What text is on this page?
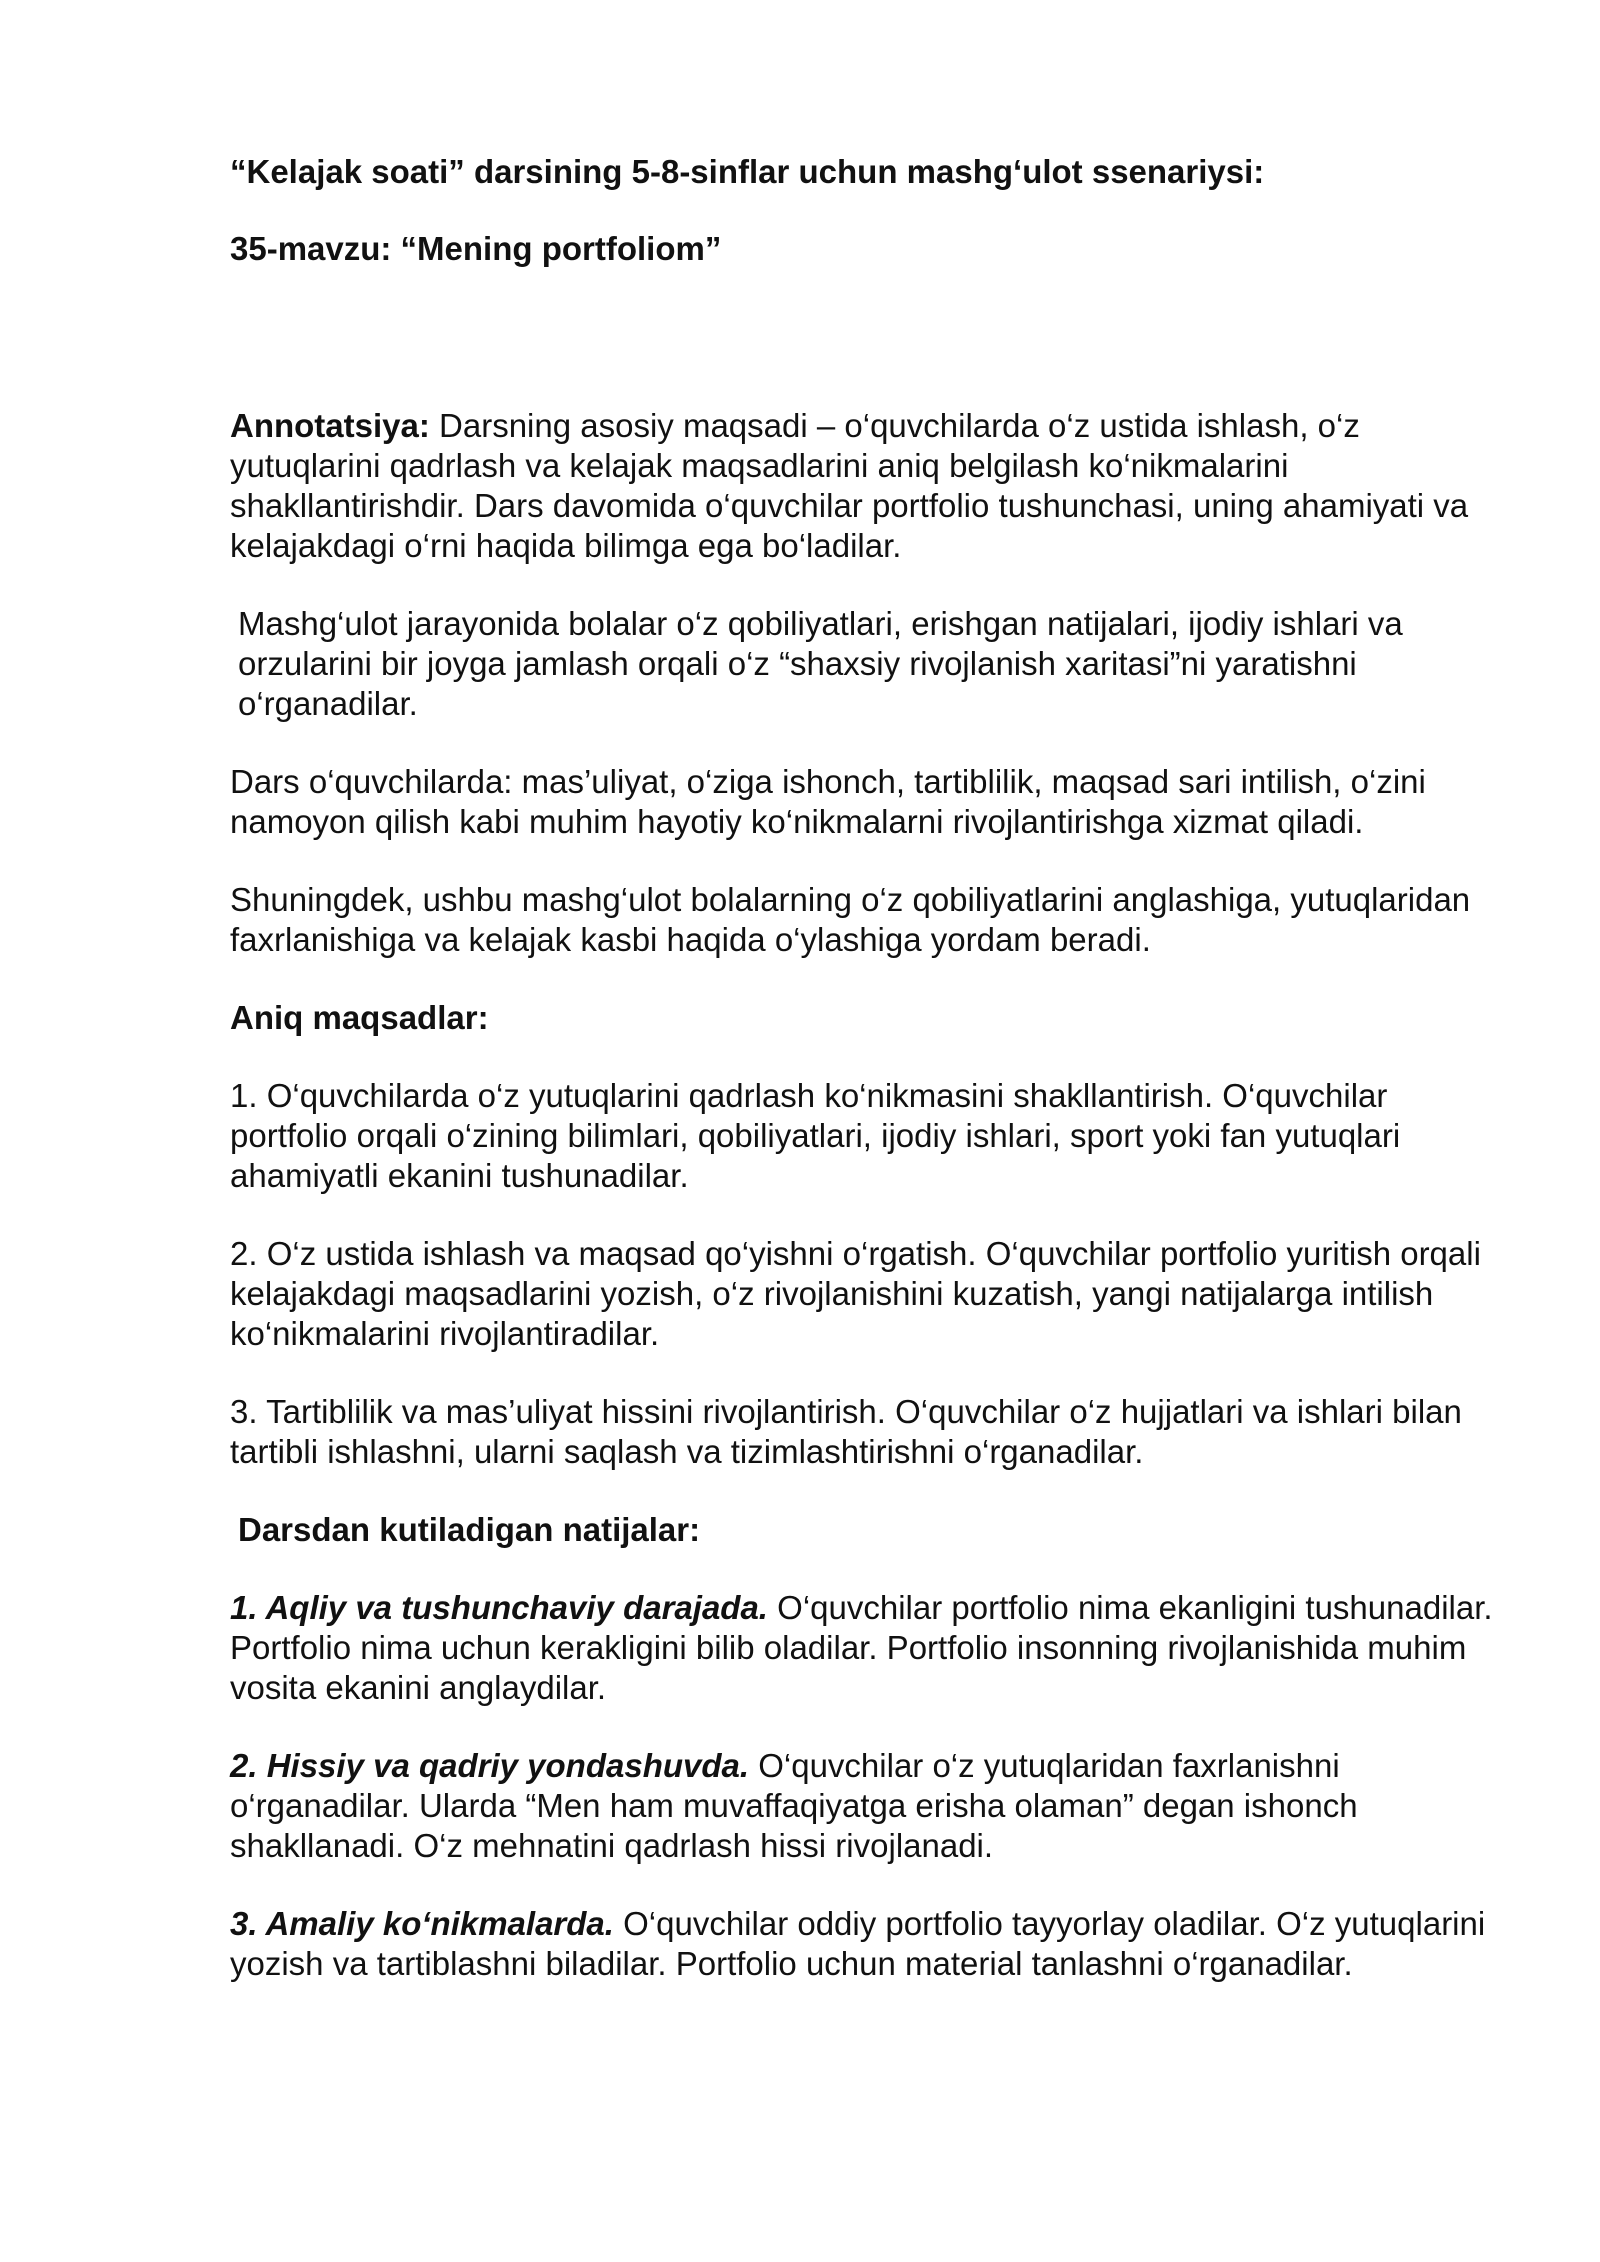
“Kelajak soati” darsining 5-8-sinflar uchun mashg‘ulot ssenariysi:

35-mavzu: “Mening portfoliom”

Annotatsiya: Darsning asosiy maqsadi – o‘quvchilarda o‘z ustida ishlash, o‘z yutuqlarini qadrlash va kelajak maqsadlarini aniq belgilash ko‘nikmalarini shakllantirishdir. Dars davomida o‘quvchilar portfolio tushunchasi, uning ahamiyati va kelajakdagi o‘rni haqida bilimga ega bo‘ladilar.

Mashg‘ulot jarayonida bolalar o‘z qobiliyatlari, erishgan natijalari, ijodiy ishlari va orzularini bir joyga jamlash orqali o‘z “shaxsiy rivojlanish xaritasi”ni yaratishni o‘rganadilar.

Dars o‘quvchilarda: mas’uliyat, o‘ziga ishonch, tartiblilik, maqsad sari intilish, o‘zini namoyon qilish kabi muhim hayotiy ko‘nikmalarni rivojlantirishga xizmat qiladi.

Shuningdek, ushbu mashg‘ulot bolalarning o‘z qobiliyatlarini anglashiga, yutuqlaridan faxrlanishiga va kelajak kasbi haqida o‘ylashiga yordam beradi.

Aniq maqsadlar:

1. O‘quvchilarda o‘z yutuqlarini qadrlash ko‘nikmasini shakllantirish. O‘quvchilar portfolio orqali o‘zining bilimlari, qobiliyatlari, ijodiy ishlari, sport yoki fan yutuqlari ahamiyatli ekanini tushunadilar.

2. O‘z ustida ishlash va maqsad qo‘yishni o‘rgatish. O‘quvchilar portfolio yuritish orqali kelajakdagi maqsadlarini yozish, o‘z rivojlanishini kuzatish, yangi natijalarga intilish ko‘nikmalarini rivojlantiradilar.

3. Tartiblilik va mas’uliyat hissini rivojlantirish. O‘quvchilar o‘z hujjatlari va ishlari bilan tartibli ishlashni, ularni saqlash va tizimlashtirishni o‘rganadilar.

Darsdan kutiladigan natijalar:

1. Aqliy va tushunchaviy darajada. O‘quvchilar portfolio nima ekanligini tushunadilar. Portfolio nima uchun kerakligini bilib oladilar. Portfolio insonning rivojlanishida muhim vosita ekanini anglaydilar.

2. Hissiy va qadriy yondashuvda. O‘quvchilar o‘z yutuqlaridan faxrlanishni o‘rganadilar. Ularda “Men ham muvaffaqiyatga erisha olaman” degan ishonch shakllanadi. O‘z mehnatini qadrlash hissi rivojlanadi.

3. Amaliy ko‘nikmalarda. O‘quvchilar oddiy portfolio tayyorlay oladilar. O‘z yutuqlarini yozish va tartiblashni biladilar. Portfolio uchun material tanlashni o‘rganadilar.
